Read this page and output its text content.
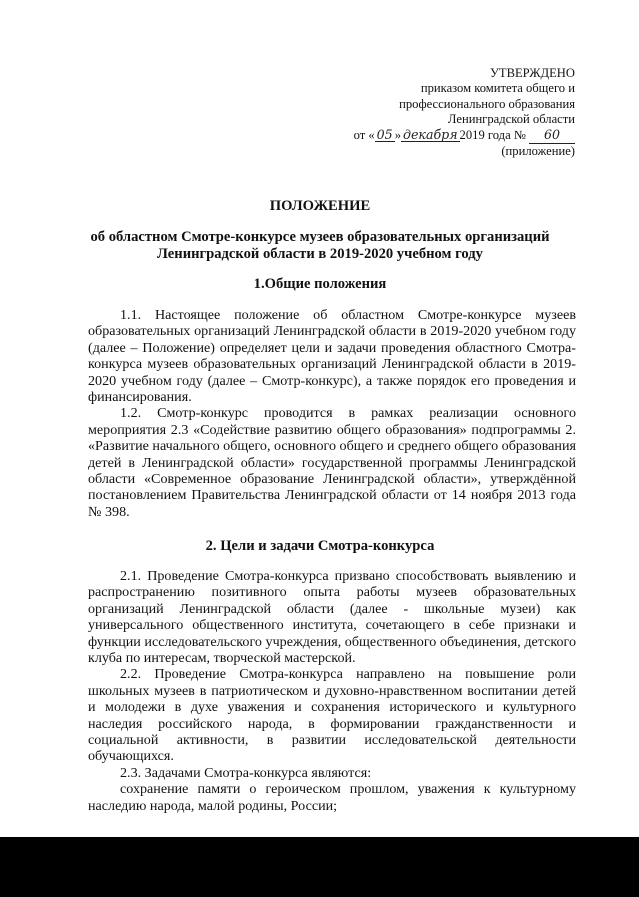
УТВЕРЖДЕНО
приказом комитета общего и
профессионального образования
Ленинградской области
от « 05 » декабря 2019 года № 60
(приложение)
ПОЛОЖЕНИЕ
об областном Смотре-конкурсе музеев образовательных организаций
Ленинградской области в 2019-2020 учебном году
1.Общие положения

1.1. Настоящее положение об областном Смотре-конкурсе музеев образовательных организаций Ленинградской области в 2019-2020 учебном году (далее – Положение) определяет цели и задачи проведения областного Смотра-конкурса музеев образовательных организаций Ленинградской области в 2019-2020 учебном году (далее – Смотр-конкурс), а также порядок его проведения и финансирования.

1.2. Смотр-конкурс проводится в рамках реализации основного мероприятия 2.3 «Содействие развитию общего образования» подпрограммы 2. «Развитие начального общего, основного общего и среднего общего образования детей в Ленинградской области» государственной программы Ленинградской области «Современное образование Ленинградской области», утверждённой постановлением Правительства Ленинградской области от 14 ноября 2013 года № 398.

2. Цели и задачи Смотра-конкурса

2.1. Проведение Смотра-конкурса призвано способствовать выявлению и распространению позитивного опыта работы музеев образовательных организаций Ленинградской области (далее - школьные музеи) как универсального общественного института, сочетающего в себе признаки и функции исследовательского учреждения, общественного объединения, детского клуба по интересам, творческой мастерской.

2.2. Проведение Смотра-конкурса направлено на повышение роли школьных музеев в патриотическом и духовно-нравственном воспитании детей и молодежи в духе уважения и сохранения исторического и культурного наследия российского народа, в формировании гражданственности и социальной активности, в развитии исследовательской деятельности обучающихся.

2.3. Задачами Смотра-конкурса являются:

сохранение памяти о героическом прошлом, уважения к культурному наследию народа, малой родины, России;
